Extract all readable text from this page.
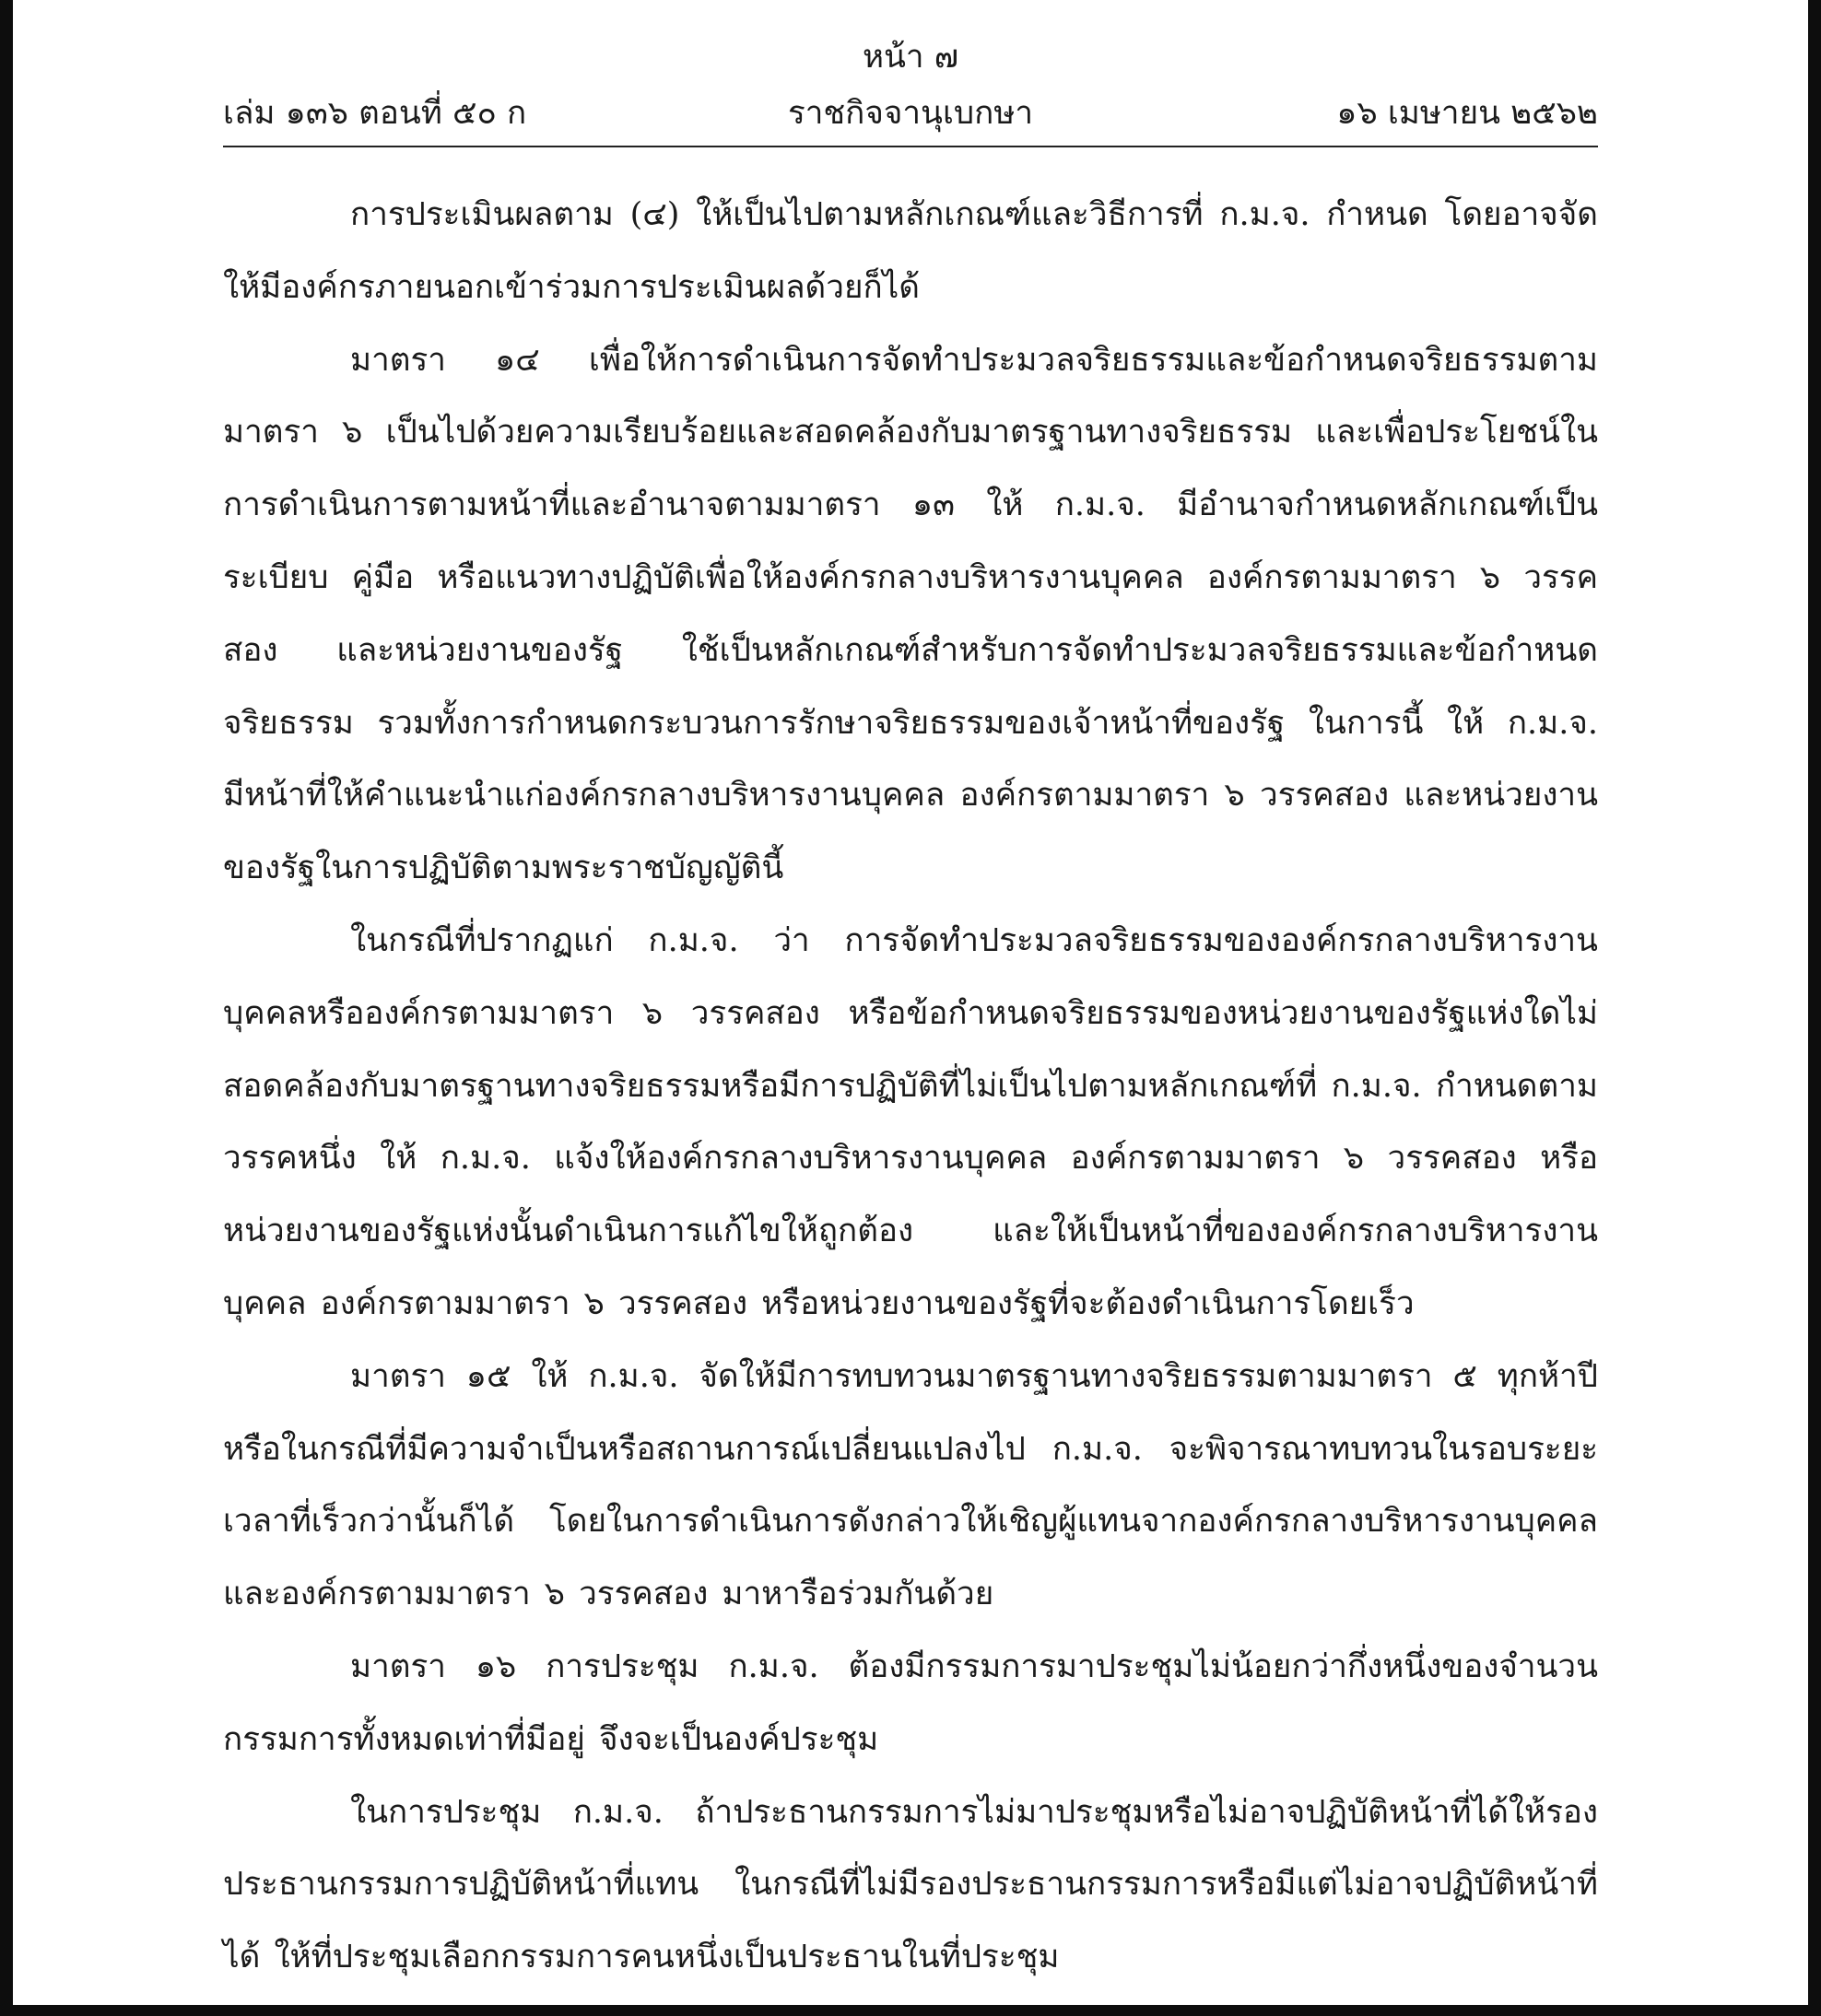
หน้า ๗
เล่ม ๑๓๖ ตอนที่ ๕๐ ก	ราชกิจจานุเบกษา	๑๖ เมษายน ๒๕๖๒

การประเมินผลตาม (๔) ให้เป็นไปตามหลักเกณฑ์และวิธีการที่ ก.ม.จ. กำหนด โดยอาจจัดให้มีองค์กรภายนอกเข้าร่วมการประเมินผลด้วยก็ได้

มาตรา ๑๔ เพื่อให้การดำเนินการจัดทำประมวลจริยธรรมและข้อกำหนดจริยธรรมตามมาตรา ๖ เป็นไปด้วยความเรียบร้อยและสอดคล้องกับมาตรฐานทางจริยธรรม และเพื่อประโยชน์ในการดำเนินการตามหน้าที่และอำนาจตามมาตรา ๑๓ ให้ ก.ม.จ. มีอำนาจกำหนดหลักเกณฑ์เป็นระเบียบ คู่มือ หรือแนวทางปฏิบัติเพื่อให้องค์กรกลางบริหารงานบุคคล องค์กรตามมาตรา ๖ วรรคสอง และหน่วยงานของรัฐ ใช้เป็นหลักเกณฑ์สำหรับการจัดทำประมวลจริยธรรมและข้อกำหนดจริยธรรม รวมทั้งการกำหนดกระบวนการรักษาจริยธรรมของเจ้าหน้าที่ของรัฐ ในการนี้ ให้ ก.ม.จ. มีหน้าที่ให้คำแนะนำแก่องค์กรกลางบริหารงานบุคคล องค์กรตามมาตรา ๖ วรรคสอง และหน่วยงานของรัฐในการปฏิบัติตามพระราชบัญญัตินี้

ในกรณีที่ปรากฏแก่ ก.ม.จ. ว่า การจัดทำประมวลจริยธรรมขององค์กรกลางบริหารงานบุคคลหรือองค์กรตามมาตรา ๖ วรรคสอง หรือข้อกำหนดจริยธรรมของหน่วยงานของรัฐแห่งใดไม่สอดคล้องกับมาตรฐานทางจริยธรรมหรือมีการปฏิบัติที่ไม่เป็นไปตามหลักเกณฑ์ที่ ก.ม.จ. กำหนดตามวรรคหนึ่ง ให้ ก.ม.จ. แจ้งให้องค์กรกลางบริหารงานบุคคล องค์กรตามมาตรา ๖ วรรคสอง หรือหน่วยงานของรัฐแห่งนั้นดำเนินการแก้ไขให้ถูกต้อง และให้เป็นหน้าที่ขององค์กรกลางบริหารงานบุคคล องค์กรตามมาตรา ๖ วรรคสอง หรือหน่วยงานของรัฐที่จะต้องดำเนินการโดยเร็ว

มาตรา ๑๕ ให้ ก.ม.จ. จัดให้มีการทบทวนมาตรฐานทางจริยธรรมตามมาตรา ๕ ทุกห้าปีหรือในกรณีที่มีความจำเป็นหรือสถานการณ์เปลี่ยนแปลงไป ก.ม.จ. จะพิจารณาทบทวนในรอบระยะเวลาที่เร็วกว่านั้นก็ได้ โดยในการดำเนินการดังกล่าวให้เชิญผู้แทนจากองค์กรกลางบริหารงานบุคคลและองค์กรตามมาตรา ๖ วรรคสอง มาหารือร่วมกันด้วย

มาตรา ๑๖ การประชุม ก.ม.จ. ต้องมีกรรมการมาประชุมไม่น้อยกว่ากึ่งหนึ่งของจำนวนกรรมการทั้งหมดเท่าที่มีอยู่ จึงจะเป็นองค์ประชุม

ในการประชุม ก.ม.จ. ถ้าประธานกรรมการไม่มาประชุมหรือไม่อาจปฏิบัติหน้าที่ได้ให้รองประธานกรรมการปฏิบัติหน้าที่แทน ในกรณีที่ไม่มีรองประธานกรรมการหรือมีแต่ไม่อาจปฏิบัติหน้าที่ได้ ให้ที่ประชุมเลือกกรรมการคนหนึ่งเป็นประธานในที่ประชุม
